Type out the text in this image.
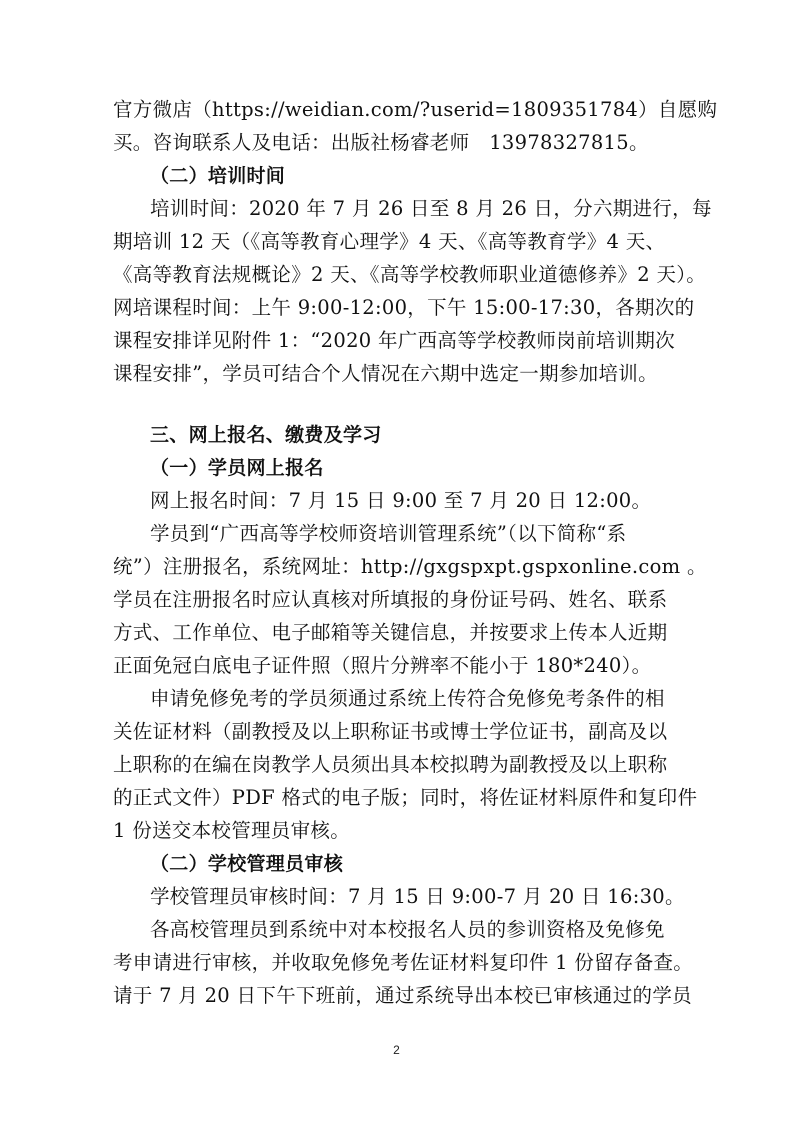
官方微店（https://weidian.com/?userid=1809351784）自愿购
买。咨询联系人及电话：出版社杨睿老师　13978327815。
（二）培训时间
培训时间：2020 年 7 月 26 日至 8 月 26 日，分六期进行，每
期培训 12 天（《高等教育心理学》4 天、《高等教育学》4 天、
《高等教育法规概论》2 天、《高等学校教师职业道德修养》2 天）。
网培课程时间：上午 9:00-12:00，下午 15:00-17:30，各期次的
课程安排详见附件 1：“2020 年广西高等学校教师岗前培训期次
课程安排”，学员可结合个人情况在六期中选定一期参加培训。
三、网上报名、缴费及学习
（一）学员网上报名
网上报名时间：7 月 15 日 9:00 至 7 月 20 日 12:00。
学员到“广西高等学校师资培训管理系统”（以下简称“系
统”）注册报名，系统网址：http://gxgspxpt.gspxonline.com 。
学员在注册报名时应认真核对所填报的身份证号码、姓名、联系
方式、工作单位、电子邮箱等关键信息，并按要求上传本人近期
正面免冠白底电子证件照（照片分辨率不能小于 180*240）。
申请免修免考的学员须通过系统上传符合免修免考条件的相
关佐证材料（副教授及以上职称证书或博士学位证书，副高及以
上职称的在编在岗教学人员须出具本校拟聘为副教授及以上职称
的正式文件）PDF 格式的电子版；同时，将佐证材料原件和复印件
1 份送交本校管理员审核。
（二）学校管理员审核
学校管理员审核时间：7 月 15 日 9:00-7 月 20 日 16:30。
各高校管理员到系统中对本校报名人员的参训资格及免修免
考申请进行审核，并收取免修免考佐证材料复印件 1 份留存备查。
请于 7 月 20 日下午下班前，通过系统导出本校已审核通过的学员
2
